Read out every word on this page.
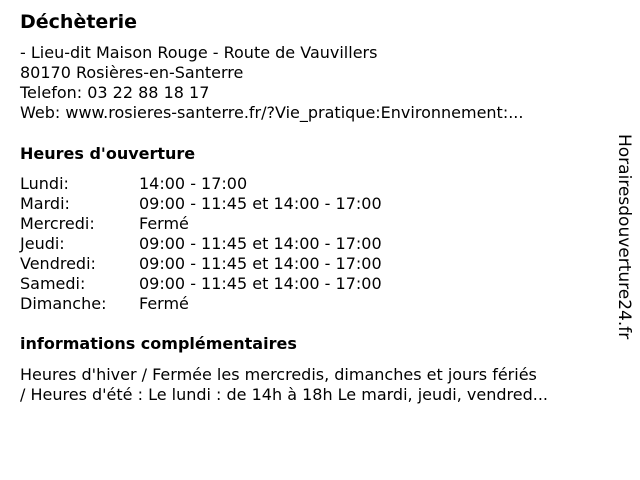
Déchèterie
- Lieu-dit Maison Rouge - Route de Vauvillers
80170 Rosières-en-Santerre
Telefon: 03 22 88 18 17
Web: www.rosieres-santerre.fr/?Vie_pratique:Environnement:...
Heures d'ouverture
Lundi:	14:00 - 17:00
Mardi:	09:00 - 11:45 et 14:00 - 17:00
Mercredi:	Fermé
Jeudi:	09:00 - 11:45 et 14:00 - 17:00
Vendredi:	09:00 - 11:45 et 14:00 - 17:00
Samedi:	09:00 - 11:45 et 14:00 - 17:00
Dimanche: Fermé
informations complémentaires
Heures d'hiver / Fermée les mercredis, dimanches et jours fériés
/ Heures d'été : Le lundi : de 14h à 18h Le mardi, jeudi, vendred...
Horairesdouverture24.fr
